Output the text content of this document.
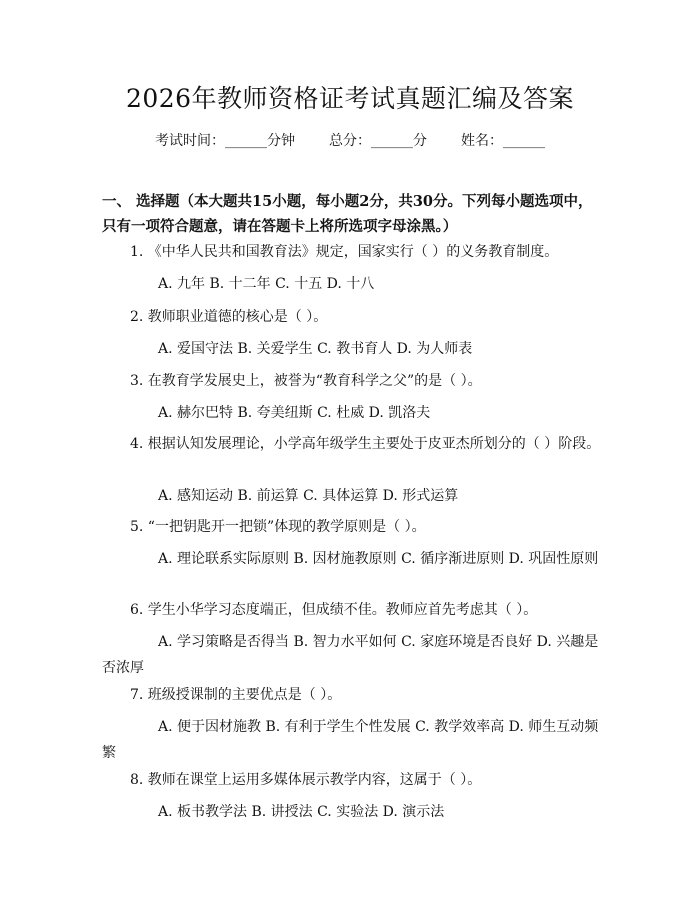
2026年教师资格证考试真题汇编及答案
考试时间：______分钟 总分：______分 姓名：______
一、 选择题（本大题共15小题，每小题2分，共30分。下列每小题选项中，只有一项符合题意，请在答题卡上将所选项字母涂黑。）
1. 《中华人民共和国教育法》规定，国家实行（ ）的义务教育制度。
A. 九年 B. 十二年 C. 十五 D. 十八
2. 教师职业道德的核心是（ ）。
A. 爱国守法 B. 关爱学生 C. 教书育人 D. 为人师表
3. 在教育学发展史上，被誉为“教育科学之父”的是（ ）。
A. 赫尔巴特 B. 夸美纽斯 C. 杜威 D. 凯洛夫
4. 根据认知发展理论，小学高年级学生主要处于皮亚杰所划分的（ ）阶段。
A. 感知运动 B. 前运算 C. 具体运算 D. 形式运算
5. “一把钥匙开一把锁”体现的教学原则是（ ）。
A. 理论联系实际原则 B. 因材施教原则 C. 循序渐进原则 D. 巩固性原则
6. 学生小华学习态度端正，但成绩不佳。教师应首先考虑其（ ）。
A. 学习策略是否得当 B. 智力水平如何 C. 家庭环境是否良好 D. 兴趣是否浓厚
7. 班级授课制的主要优点是（ ）。
A. 便于因材施教 B. 有利于学生个性发展 C. 教学效率高 D. 师生互动频繁
8. 教师在课堂上运用多媒体展示教学内容，这属于（ ）。
A. 板书教学法 B. 讲授法 C. 实验法 D. 演示法
